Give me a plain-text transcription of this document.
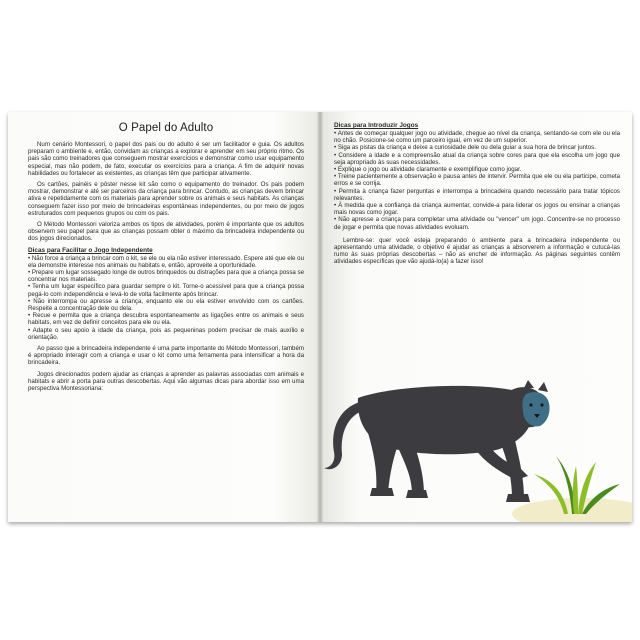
O Papel do Adulto

Num cenário Montessori, o papel dos pais ou do adulto é ser um facilitador e guia. Os adultos preparam o ambiente e, então, convidam as crianças a explorar e aprender em seu próprio ritmo. Os pais são como treinadores que conseguem mostrar exercícios e demonstrar como usar equipamento especial, mas não podem, de fato, executar os exercícios para a criança. A fim de adquirir novas habilidades ou fortalecer as existentes, as crianças têm que participar ativamente.

Os cartões, painéis e pôster nesse kit são como o equipamento do treinador. Os pais podem mostrar, demonstrar e até ser parceiros da criança para brincar. Contudo, as crianças devem brincar ativa e repetidamente com os materiais para aprender sobre os animais e seus habitats. As crianças conseguem fazer isso por meio de brincadeiras espontâneas independentes, ou por meio de jogos estruturados com pequenos grupos ou com os pais.

O Método Montessori valoriza ambos os tipos de atividades, porém é importante que os adultos observem seu papel para que as crianças possam obter o máximo da brincadeira independente ou dos jogos direcionados.

Dicas para Facilitar o Jogo Independente
• Não force a criança a brincar com o kit, se ele ou ela não estiver interessado. Espere até que ele ou ela demonstre interesse nos animais ou habitats e, então, aproveite a oportunidade.
• Prepare um lugar sossegado longe de outros brinquedos ou distrações para que a criança possa se concentrar nos materiais.
• Tenha um lugar específico para guardar sempre o kit. Torne-o acessível para que a criança possa pegá-lo com independência e levá-lo de volta facilmente após brincar.
• Não interrompa ou apresse a criança, enquanto ele ou ela estiver envolvido com os cartões. Respeite a concentração dele ou dela.
• Recue e permita que a criança descubra espontaneamente as ligações entre os animais e seus habitats, em vez de definir conceitos para ele ou ela.
• Adapte o seu apoio à idade da criança, pois as pequeninas podem precisar de mais auxílio e orientação.

Ao passo que a brincadeira independente é uma parte importante do Método Montessori, também é apropriado interagir com a criança e usar o kit como uma ferramenta para intensificar a hora da brincadeira.

Jogos direcionados podem ajudar as crianças a aprender as palavras associadas com animais e habitats e abrir a porta para outras descobertas. Aqui vão algumas dicas para abordar isso em uma perspectiva Montessoriana:

Dicas para Introduzir Jogos
• Antes de começar qualquer jogo ou atividade, chegue ao nível da criança, sentando-se com ele ou ela no chão. Posicione-se como um parceiro igual, em vez de um superior.
• Siga as pistas da criança e deixe a curiosidade dele ou dela guiar a sua hora de brincar juntos.
• Considere a idade e a compreensão atual da criança sobre cores para que ela escolha um jogo que seja apropriado às suas necessidades.
• Explique o jogo ou atividade claramente e exemplifique como jogar.
• Treine pacientemente a observação e pausa antes de intervir. Permita que ele ou ela participe, cometa erros e se corrija.
• Permita à criança fazer perguntas e interrompa a brincadeira quando necessário para tratar tópicos relevantes.
• À medida que a confiança da criança aumentar, convide-a para liderar os jogos ou ensinar a crianças mais novas como jogar.
• Não apresse a criança para completar uma atividade ou "vencer" um jogo. Concentre-se no processo de jogar e permita que novas atividades evoluam.

Lembre-se: quer você esteja preparando o ambiente para a brincadeira independente ou apresentando uma atividade, o objetivo é ajudar as crianças a absorverem a informação e cutucá-las rumo às suas próprias descobertas – não as encher de informação. As páginas seguintes contêm atividades específicas que vão ajudá-lo(a) a fazer isso!
